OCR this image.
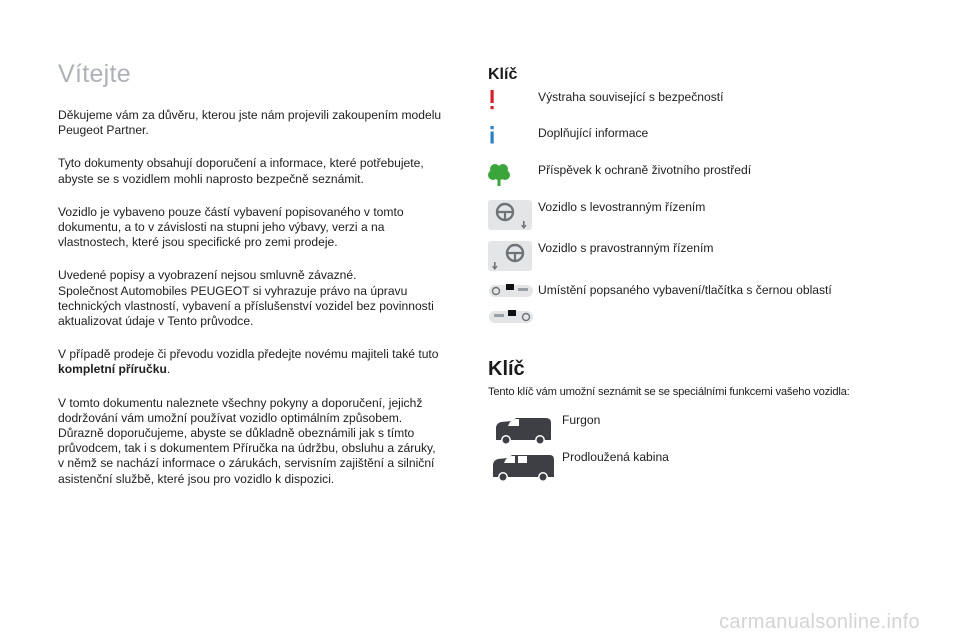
Vítejte

Děkujeme vám za důvěru, kterou jste nám projevili zakoupením modelu
Peugeot Partner.

Tyto dokumenty obsahují doporučení a informace, které potřebujete,
abyste se s vozidlem mohli naprosto bezpečně seznámit.

Vozidlo je vybaveno pouze částí vybavení popisovaného v tomto
dokumentu, a to v závislosti na stupni jeho výbavy, verzi a na
vlastnostech, které jsou specifické pro zemi prodeje.

Uvedené popisy a vyobrazení nejsou smluvně závazné.
Společnost Automobiles PEUGEOT si vyhrazuje právo na úpravu
technických vlastností, vybavení a příslušenství vozidel bez povinnosti
aktualizovat údaje v Tento průvodce.

V případě prodeje či převodu vozidla předejte novému majiteli také tuto
kompletní příručku.

V tomto dokumentu naleznete všechny pokyny a doporučení, jejichž
dodržování vám umožní používat vozidlo optimálním způsobem.
Důrazně doporučujeme, abyste se důkladně obeznámili jak s tímto
průvodcem, tak i s dokumentem Příručka na údržbu, obsluhu a záruky,
v němž se nachází informace o zárukách, servisním zajištění a silniční
asistenční službě, které jsou pro vozidlo k dispozici.

Klíč
Výstraha související s bezpečností
Doplňující informace
Příspěvek k ochraně životního prostředí
Vozidlo s levostranným řízením
Vozidlo s pravostranným řízením
Umístění popsaného vybavení/tlačítka s černou oblastí
Klíč
Tento klíč vám umožní seznámit se se speciálními funkcemi vašeho vozidla:
Furgon
Prodloužená kabina
carmanualsonline.info
